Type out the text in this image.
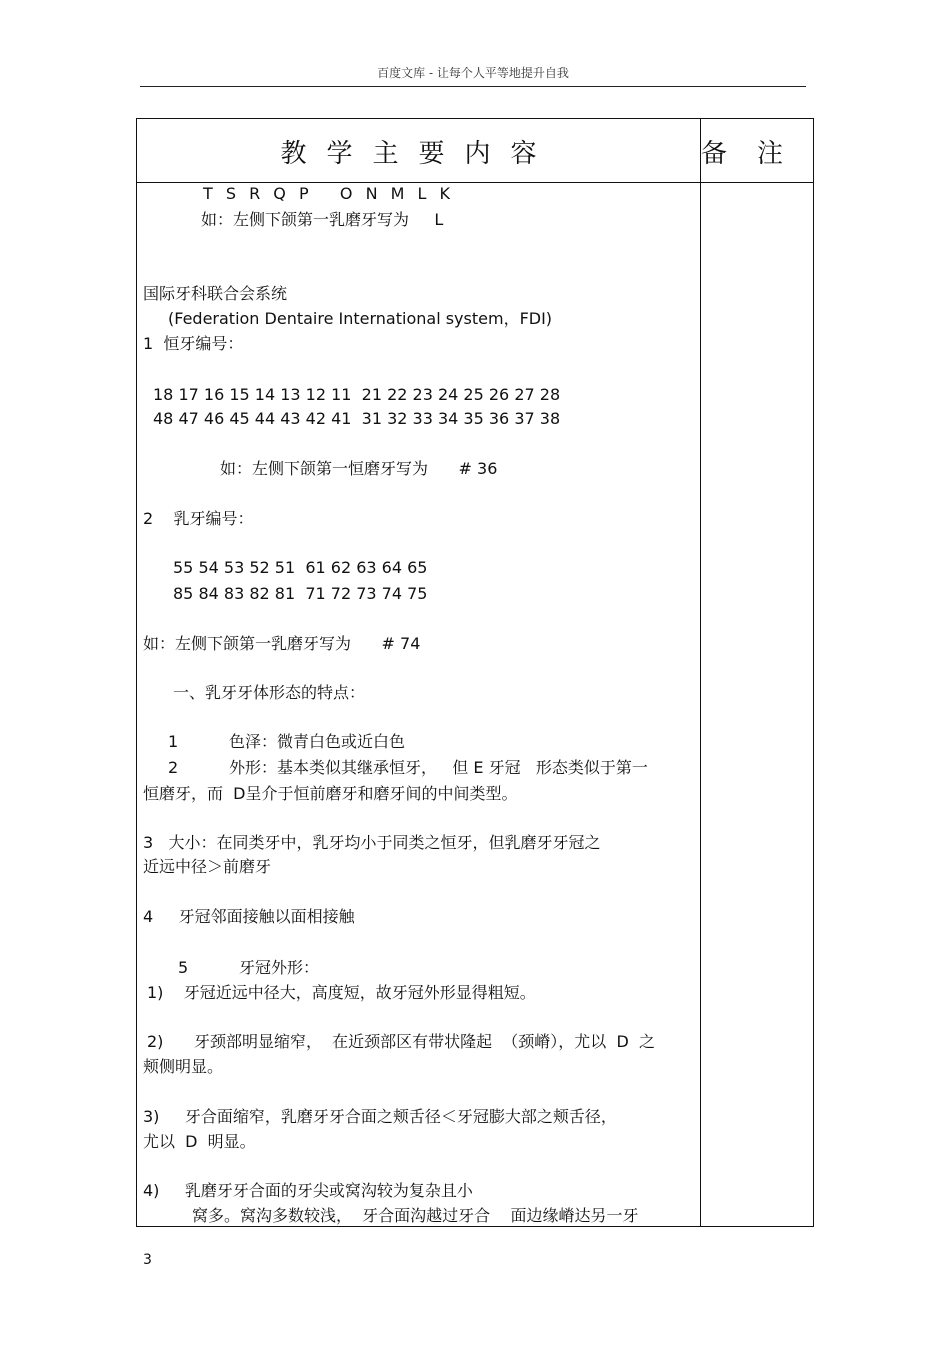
百度文库 - 让每个人平等地提升自我
教学主要内容	备注
T S R Q P   O N M L K
如：左侧下颌第一乳磨牙写为     L
国际牙科联合会系统
(Federation Dentaire International system，FDI)
1  恒牙编号：
18 17 16 15 14 13 12 11  21 22 23 24 25 26 27 28
48 47 46 45 44 43 42 41  31 32 33 34 35 36 37 38
如：左侧下颌第一恒磨牙写为      # 36
2    乳牙编号：
55 54 53 52 51  61 62 63 64 65
85 84 83 82 81  71 72 73 74 75
如：左侧下颌第一乳磨牙写为      # 74
一、乳牙牙体形态的特点：
1          色泽：微青白色或近白色
2          外形：基本类似其继承恒牙，   但 E 牙冠   形态类似于第一
恒磨牙，而  D呈介于恒前磨牙和磨牙间的中间类型。
3   大小：在同类牙中，乳牙均小于同类之恒牙，但乳磨牙牙冠之
近远中径＞前磨牙
4     牙冠邻面接触以面相接触
5          牙冠外形：
1)    牙冠近远中径大，高度短，故牙冠外形显得粗短。
2)      牙颈部明显缩窄，  在近颈部区有带状隆起  （颈嵴），尤以  D  之
颊侧明显。
3)     牙合面缩窄，乳磨牙牙合面之颊舌径＜牙冠膨大部之颊舌径，
尤以  D  明显。
4)     乳磨牙牙合面的牙尖或窝沟较为复杂且小
窝多。窝沟多数较浅，  牙合面沟越过牙合    面边缘嵴达另一牙
3
